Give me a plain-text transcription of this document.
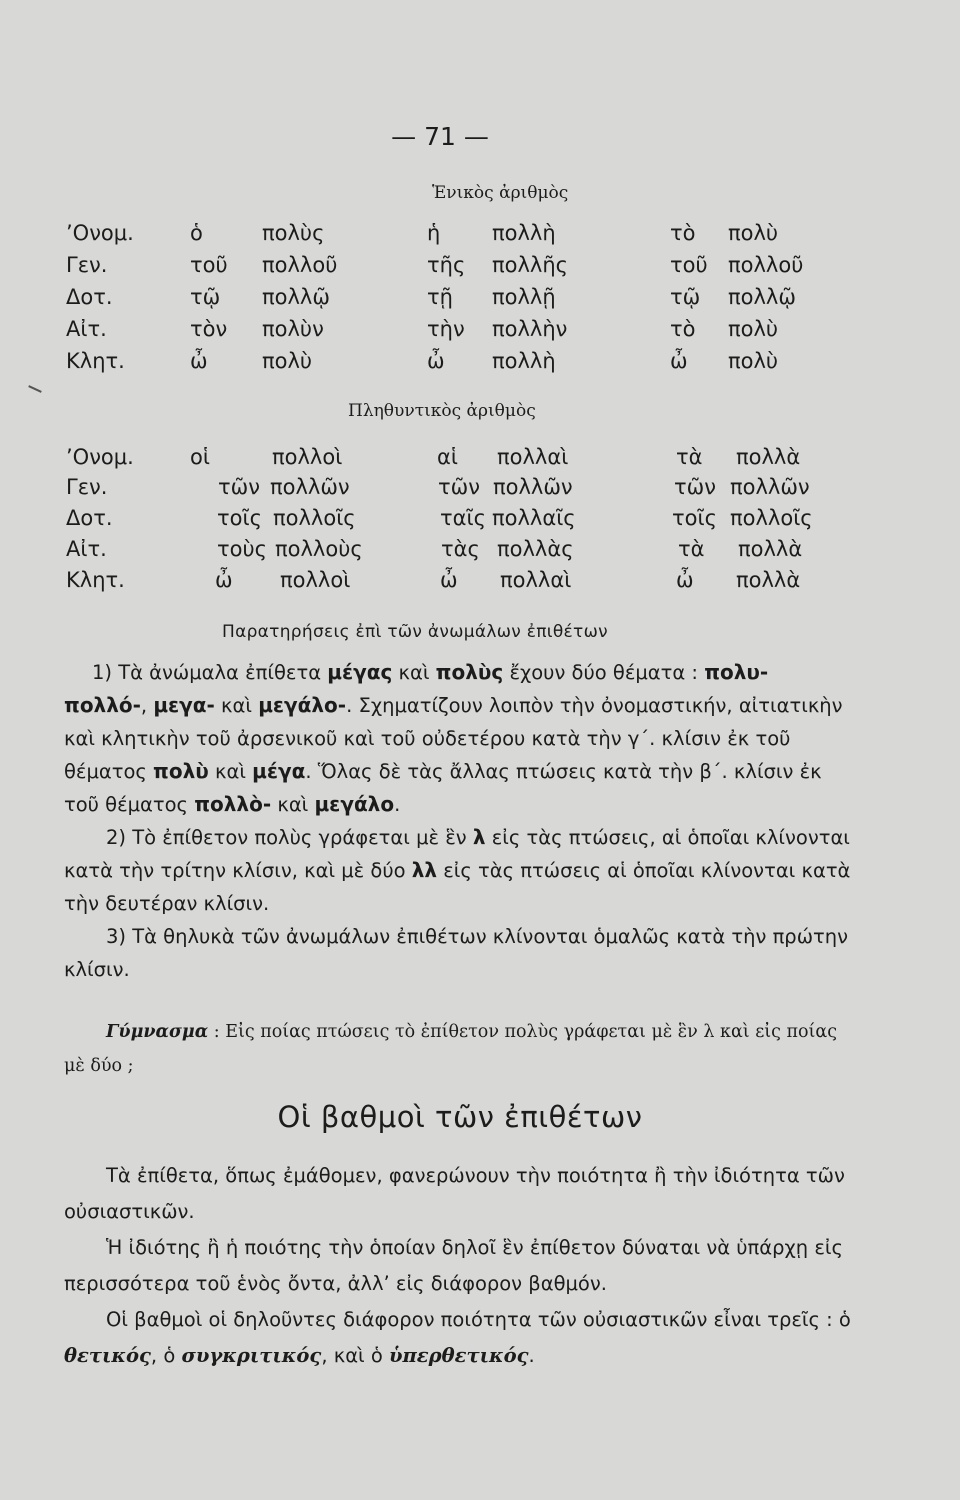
— 71 —
Ἑνικὸς ἀριθμὸς
’Ονομ.	ὁ	πολὺς	ἡ πολλὴ	τὸ πολὺ
Γεν.	τοῦ πολλοῦ	τῆς πολλῆς	τοῦ πολλοῦ
Δοτ.	τῷ πολλῷ	τῇ πολλῇ	τῷ πολλῷ
Αἰτ.	τὸν πολὺν	τὴν πολλὴν	τὸ πολὺ
Κλητ.	ὦ	πολὺ	ὦ πολλὴ	ὦ πολὺ
Πληθυντικὸς ἀριθμὸς
’Ονομ.	οἱ	πολλοὶ	αἱ πολλαὶ	τὰ πολλὰ
Γεν.	τῶν πολλῶν	τῶν πολλῶν	τῶν πολλῶν
Δοτ.	τοῖς πολλοῖς	ταῖς πολλαῖς	τοῖς πολλοῖς
Αἰτ.	τοὺς πολλοὺς	τὰς πολλὰς	τὰ πολλὰ
Κλητ.	ὦ πολλοὶ	ὦ πολλαὶ	ὦ πολλὰ
Παρατηρήσεις ἐπὶ τῶν ἀνωμάλων ἐπιθέτων

1) Τὰ ἀνώμαλα ἐπίθετα μέγας καὶ πολὺς ἔχουν δύο θέματα : πολυ- πολλό-, μεγα- καὶ μεγάλο-. Σχηματίζουν λοιπὸν τὴν ὀνομαστικήν, αἰτιατικὴν καὶ κλητικὴν τοῦ ἀρσενικοῦ καὶ τοῦ οὐδετέρου κατὰ τὴν γ΄. κλίσιν ἐκ τοῦ θέματος πολὺ καὶ μέγα. Ὅλας δὲ τὰς ἄλλας πτώσεις κατὰ τὴν β΄. κλίσιν ἐκ τοῦ θέματος πολλὸ- καὶ μεγάλο.

2) Τὸ ἐπίθετον πολὺς γράφεται μὲ ἓν λ εἰς τὰς πτώσεις, αἱ ὁποῖαι κλίνονται κατὰ τὴν τρίτην κλίσιν, καὶ μὲ δύο λλ εἰς τὰς πτώσεις αἱ ὁποῖαι κλίνονται κατὰ τὴν δευτέραν κλίσιν.

3) Τὰ θηλυκὰ τῶν ἀνωμάλων ἐπιθέτων κλίνονται ὁμαλῶς κατὰ τὴν πρώτην κλίσιν.

Γύμνασμα : Εἰς ποίας πτώσεις τὸ ἐπίθετον πολὺς γράφεται μὲ ἓν λ καὶ εἰς ποίας μὲ δύο ;

Οἱ βαθμοὶ τῶν ἐπιθέτων

Τὰ ἐπίθετα, ὅπως ἐμάθομεν, φανερώνουν τὴν ποιότητα ἢ τὴν ἰδιότητα τῶν οὐσιαστικῶν.

Ἡ ἰδιότης ἢ ἡ ποιότης τὴν ὁποίαν δηλοῖ ἓν ἐπίθετον δύναται νὰ ὑπάρχῃ εἰς περισσότερα τοῦ ἑνὸς ὄντα, ἀλλ’ εἰς διάφορον βαθμόν.

Οἱ βαθμοὶ οἱ δηλοῦντες διάφορον ποιότητα τῶν οὐσιαστικῶν εἶναι τρεῖς : ὁ θετικός, ὁ συγκριτικός, καὶ ὁ ὑπερθετικός.
